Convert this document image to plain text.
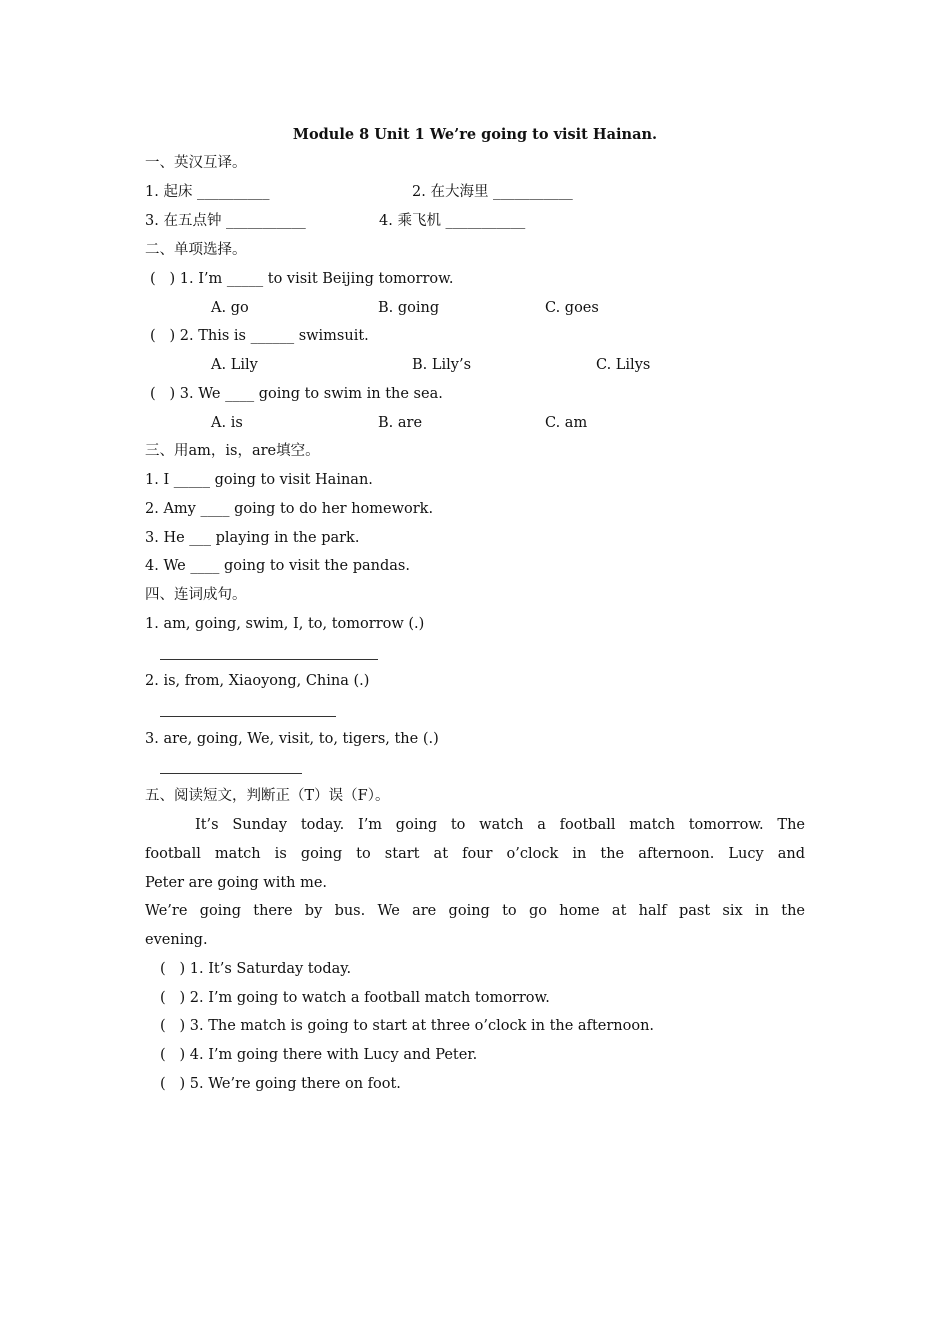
Module 8 Unit 1 We’re going to visit Hainan.
一、英汉互译。
1. 起床 __________	2. 在大海里 ___________
3. 在五点钟 ___________	4. 乘飞机 ___________
二、单项选择。
(   ) 1. I’m _____ to visit Beijing tomorrow.
A. go	B. going	C. goes
(   ) 2. This is ______ swimsuit.
A. Lily	B. Lily’s	C. Lilys
(   ) 3. We ____ going to swim in the sea.
A. is	B. are	C. am
三、用am，is，are填空。
1. I _____ going to visit Hainan.
2. Amy ____ going to do her homework.
3. He ___ playing in the park.
4. We ____ going to visit the pandas.
四、连词成句。
1. am, going, swim, I, to, tomorrow (.)
2. is, from, Xiaoyong, China (.)
3. are, going, We, visit, to, tigers, the (.)
五、阅读短文，判断正（T）误（F）。
It’s Sunday today. I’m going to watch a football match tomorrow. The
football match is going to start at four o’clock in the afternoon. Lucy and
Peter are going with me.
We’re going there by bus. We are going to go home at half past six in the
evening.
(   ) 1. It’s Saturday today.
(   ) 2. I’m going to watch a football match tomorrow.
(   ) 3. The match is going to start at three o’clock in the afternoon.
(   ) 4. I’m going there with Lucy and Peter.
(   ) 5. We’re going there on foot.
